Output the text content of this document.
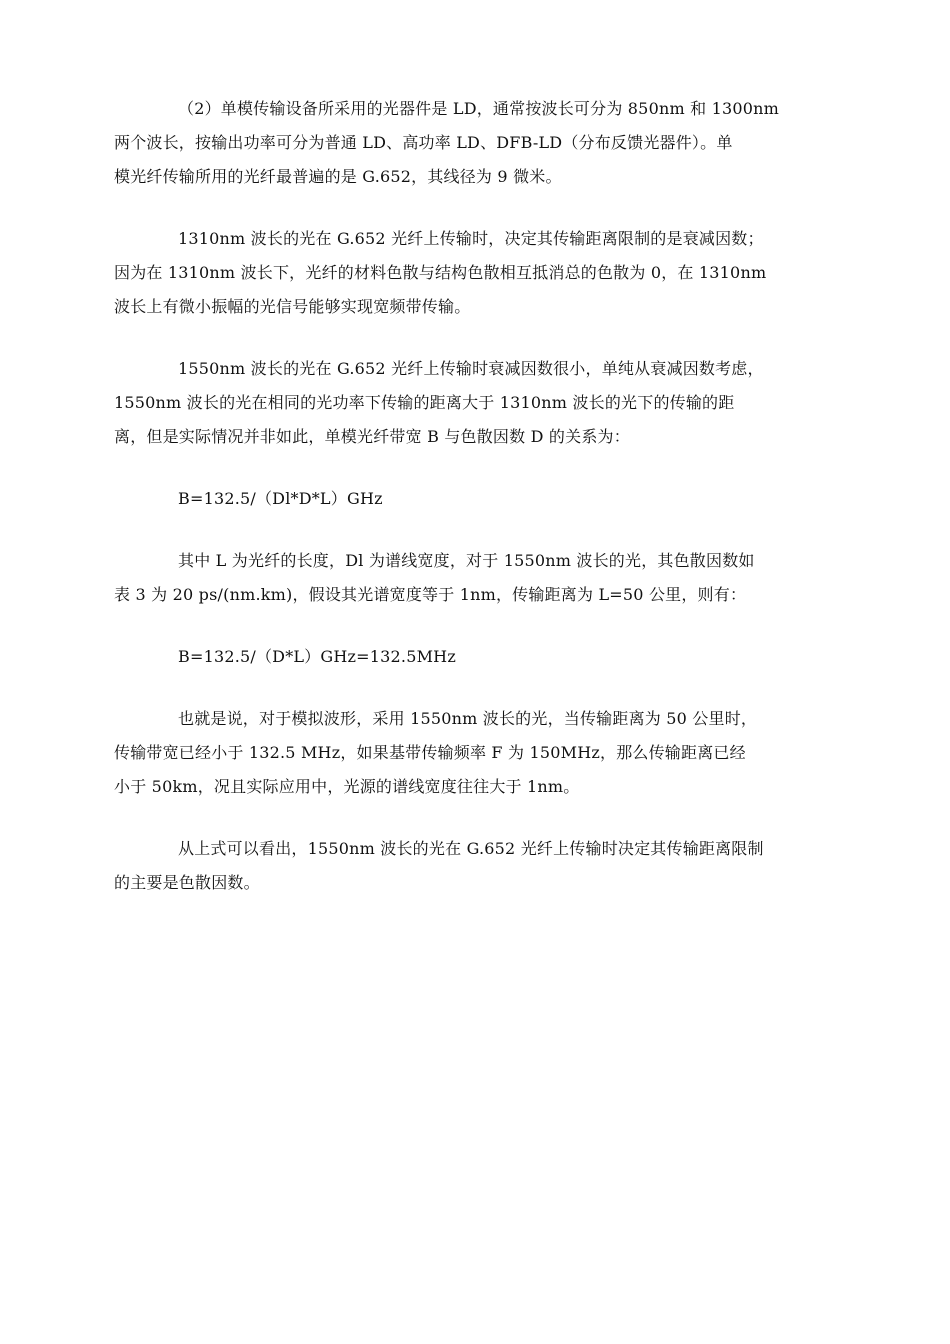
（2）单模传输设备所采用的光器件是 LD，通常按波长可分为 850nm 和 1300nm
两个波长，按输出功率可分为普通 LD、高功率 LD、DFB-LD（分布反馈光器件）。单
模光纤传输所用的光纤最普遍的是 G.652，其线径为 9 微米。

1310nm 波长的光在 G.652 光纤上传输时，决定其传输距离限制的是衰减因数；
因为在 1310nm 波长下，光纤的材料色散与结构色散相互抵消总的色散为 0，在 1310nm
波长上有微小振幅的光信号能够实现宽频带传输。

1550nm 波长的光在 G.652 光纤上传输时衰减因数很小，单纯从衰减因数考虑，
1550nm 波长的光在相同的光功率下传输的距离大于 1310nm 波长的光下的传输的距
离，但是实际情况并非如此，单模光纤带宽 B 与色散因数 D 的关系为：

B=132.5/（Dl*D*L）GHz

其中 L 为光纤的长度，Dl 为谱线宽度，对于 1550nm 波长的光，其色散因数如
表 3 为 20 ps/(nm.km)，假设其光谱宽度等于 1nm，传输距离为 L=50 公里，则有：

B=132.5/（D*L）GHz=132.5MHz

也就是说，对于模拟波形，采用 1550nm 波长的光，当传输距离为 50 公里时，
传输带宽已经小于 132.5 MHz，如果基带传输频率 F 为 150MHz，那么传输距离已经
小于 50km，况且实际应用中，光源的谱线宽度往往大于 1nm。

从上式可以看出，1550nm 波长的光在 G.652 光纤上传输时决定其传输距离限制
的主要是色散因数。
